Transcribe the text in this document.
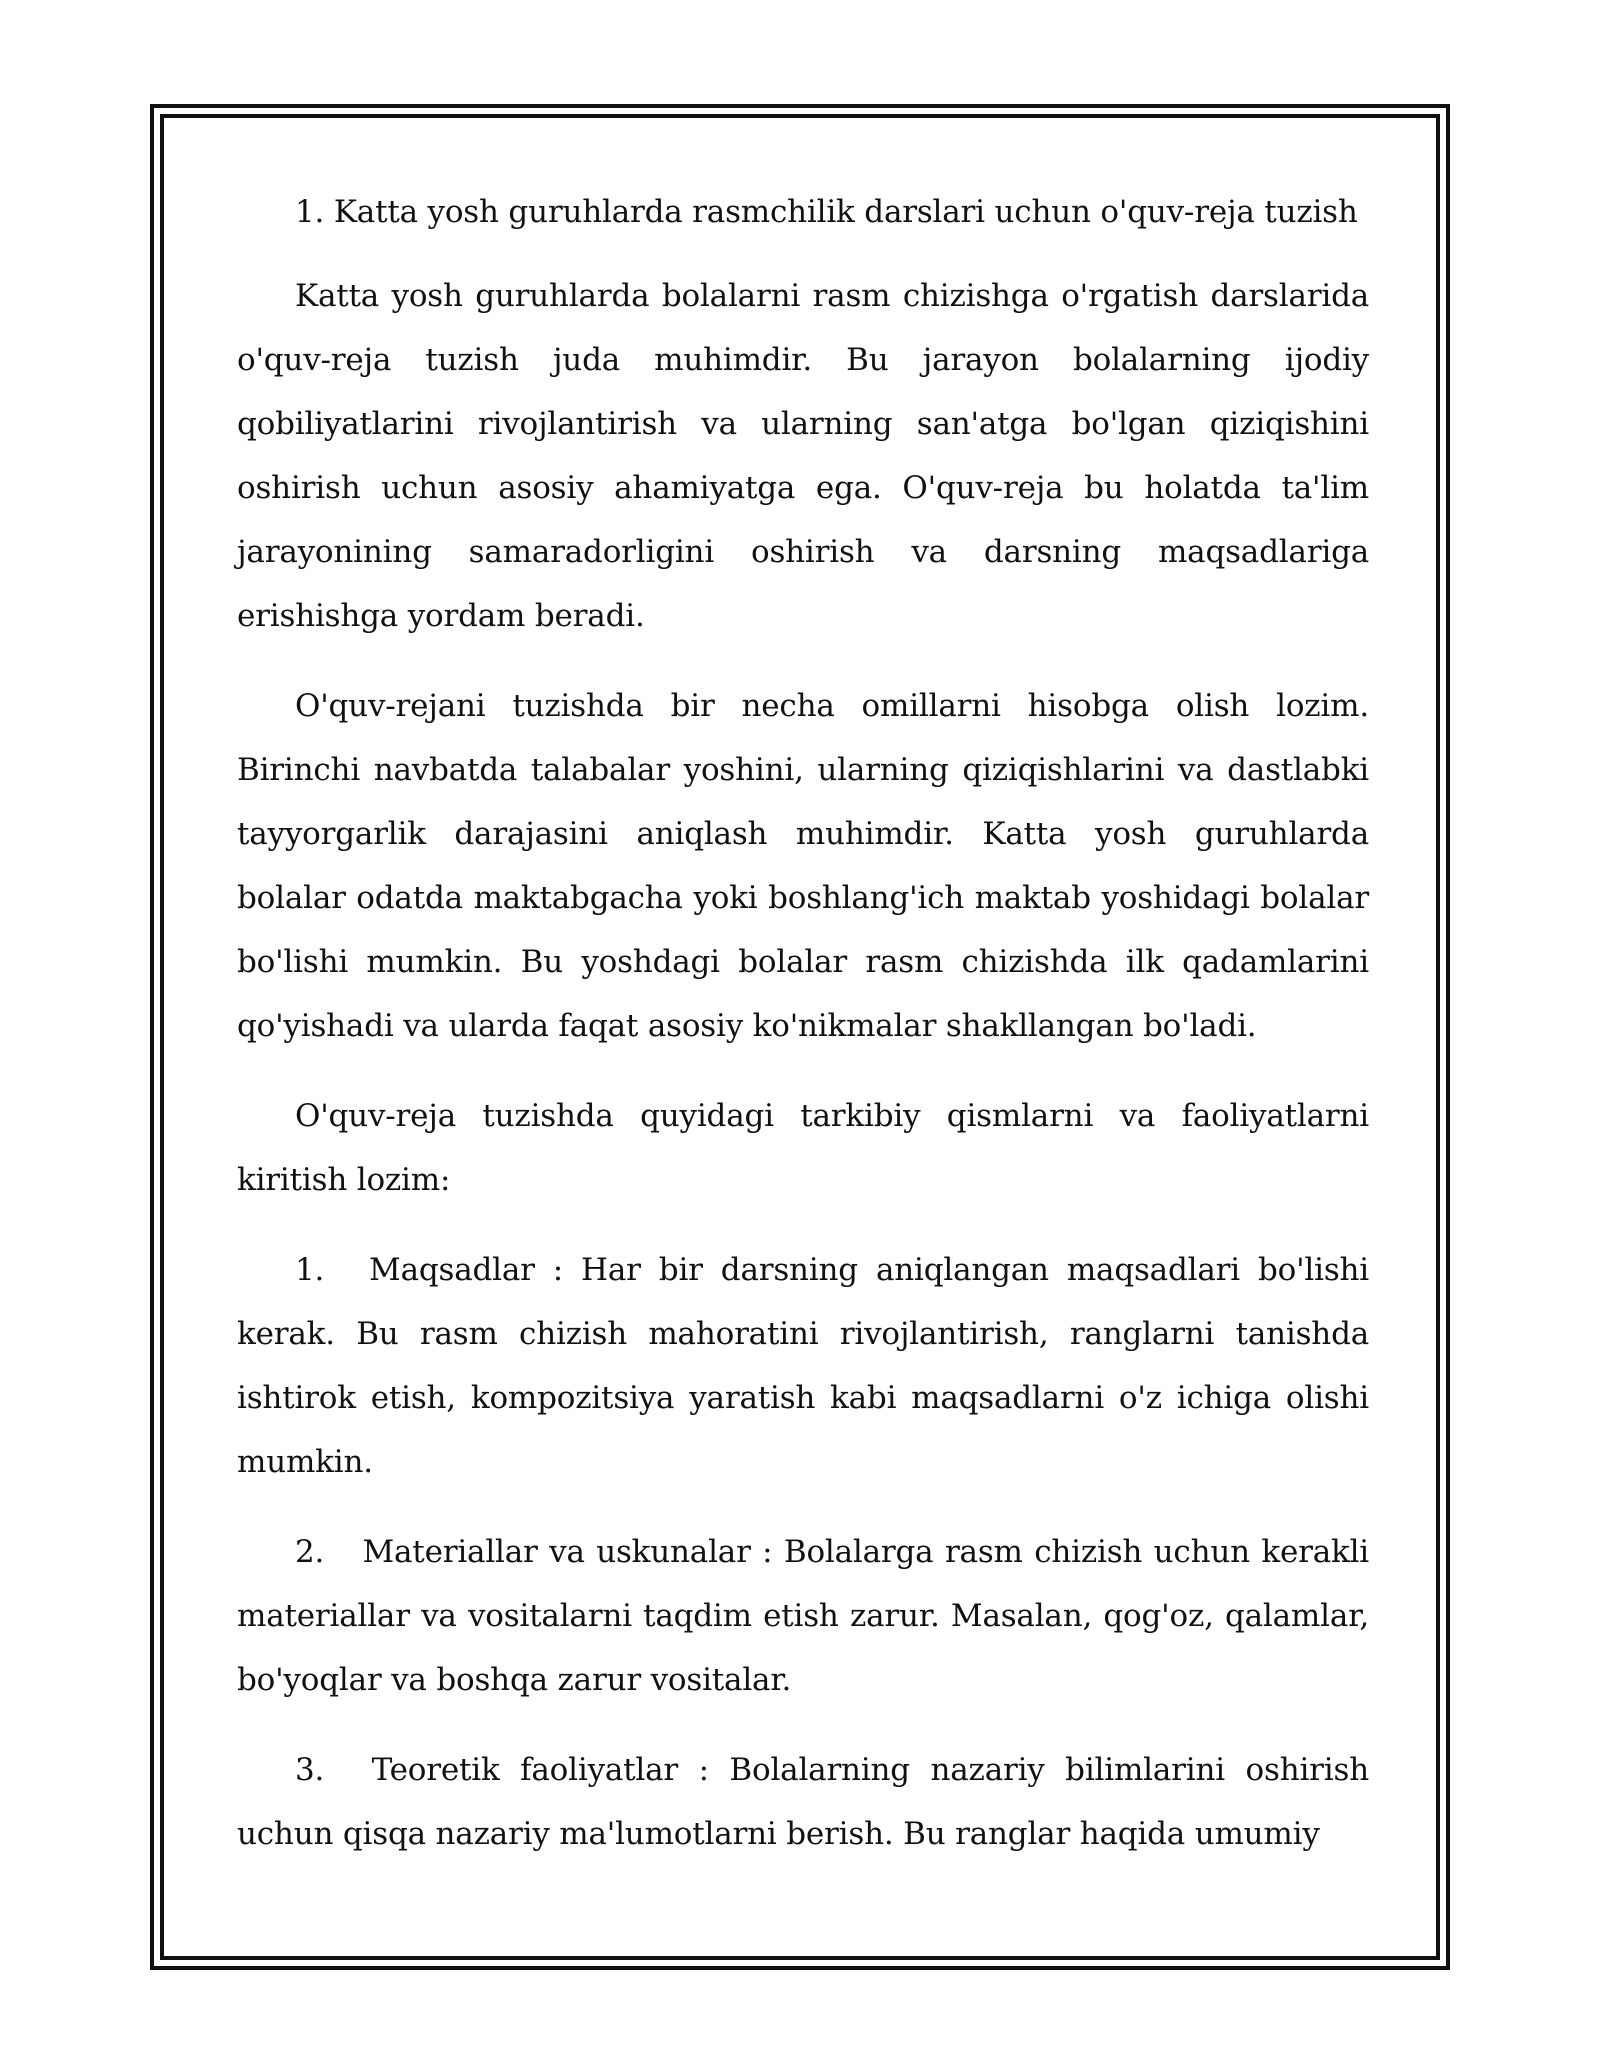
1. Katta yosh guruhlarda rasmchilik darslari uchun o'quv-reja tuzish

Katta yosh guruhlarda bolalarni rasm chizishga o'rgatish darslarida o'quv-reja tuzish juda muhimdir. Bu jarayon bolalarning ijodiy qobiliyatlarini rivojlantirish va ularning san'atga bo'lgan qiziqishini oshirish uchun asosiy ahamiyatga ega. O'quv-reja bu holatda ta'lim jarayonining samaradorligini oshirish va darsning maqsadlariga erishishga yordam beradi.

O'quv-rejani tuzishda bir necha omillarni hisobga olish lozim. Birinchi navbatda talabalar yoshini, ularning qiziqishlarini va dastlabki tayyorgarlik darajasini aniqlash muhimdir. Katta yosh guruhlarda bolalar odatda maktabgacha yoki boshlang'ich maktab yoshidagi bolalar bo'lishi mumkin. Bu yoshdagi bolalar rasm chizishda ilk qadamlarini qo'yishadi va ularda faqat asosiy ko'nikmalar shakllangan bo'ladi.

O'quv-reja tuzishda quyidagi tarkibiy qismlarni va faoliyatlarni kiritish lozim:

1. Maqsadlar : Har bir darsning aniqlangan maqsadlari bo'lishi kerak. Bu rasm chizish mahoratini rivojlantirish, ranglarni tanishda ishtirok etish, kompozitsiya yaratish kabi maqsadlarni o'z ichiga olishi mumkin.

2. Materiallar va uskunalar : Bolalarga rasm chizish uchun kerakli materiallar va vositalarni taqdim etish zarur. Masalan, qog'oz, qalamlar, bo'yoqlar va boshqa zarur vositalar.

3. Teoretik faoliyatlar : Bolalarning nazariy bilimlarini oshirish uchun qisqa nazariy ma'lumotlarni berish. Bu ranglar haqida umumiy
